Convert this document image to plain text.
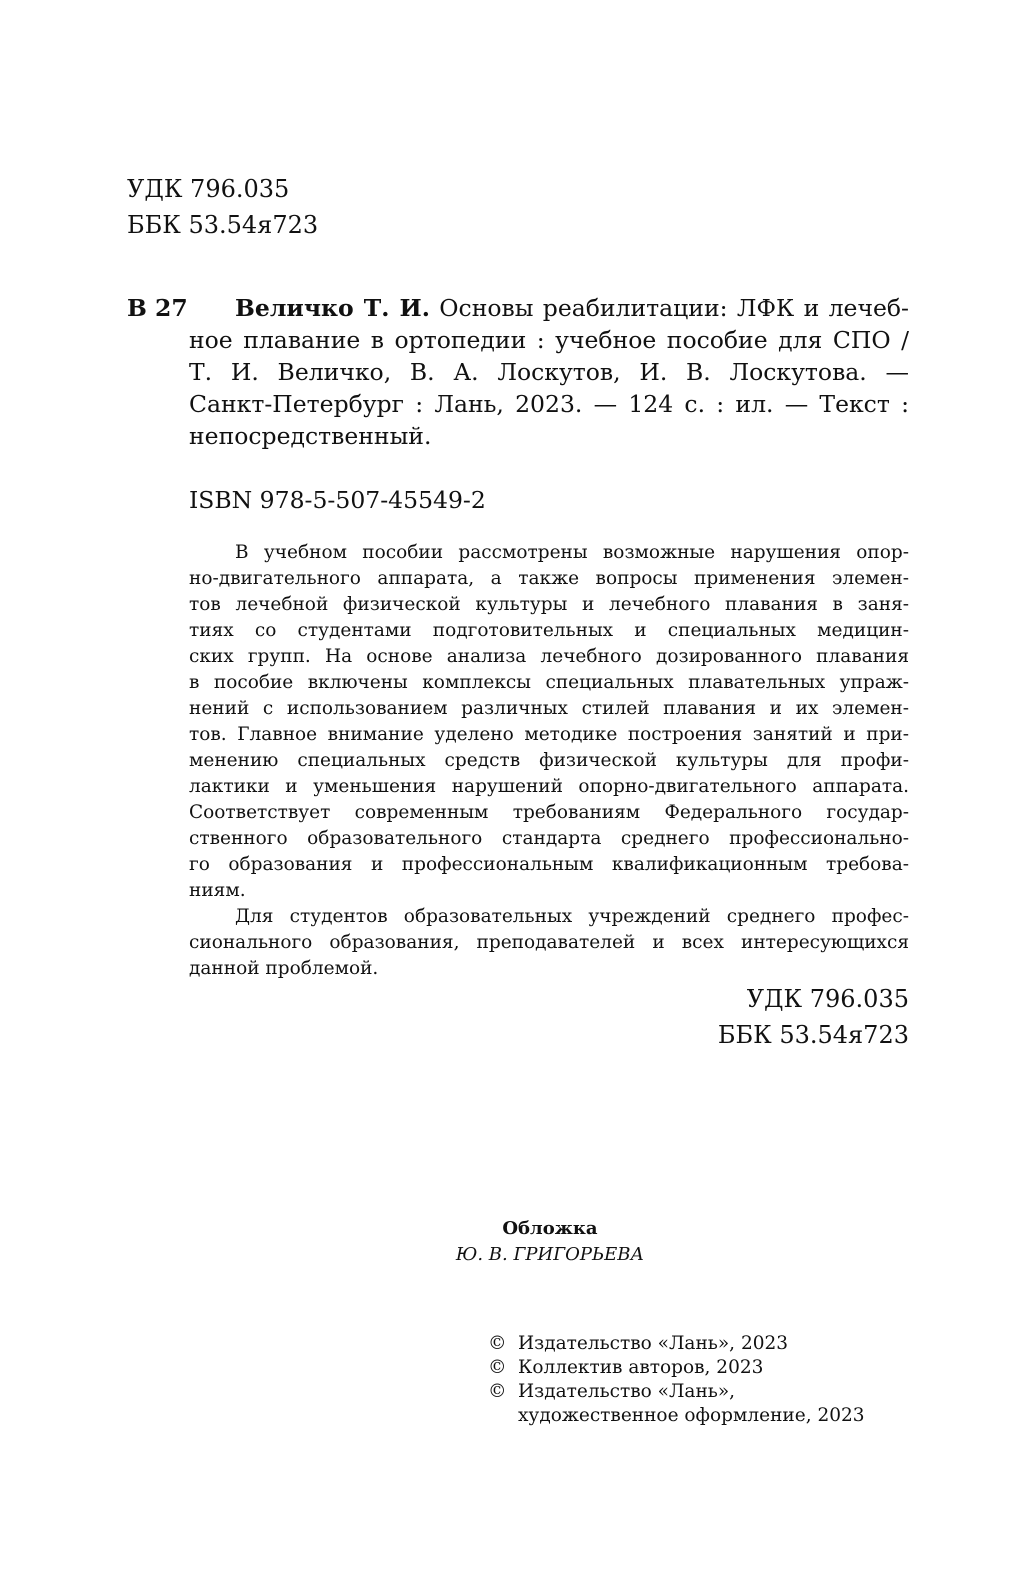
УДК 796.035
ББК 53.54я723
В 27	Величко Т. И. Основы реабилитации: ЛФК и лечеб-
ное плавание в ортопедии : учебное пособие для СПО /
Т. И. Величко, В. А. Лоскутов, И. В. Лоскутова. —
Санкт-Петербург : Лань, 2023. — 124 с. : ил. — Текст :
непосредственный.
ISBN 978-5-507-45549-2
В учебном пособии рассмотрены возможные нарушения опор-
но-двигательного аппарата, а также вопросы применения элемен-
тов лечебной физической культуры и лечебного плавания в заня-
тиях со студентами подготовительных и специальных медицин-
ских групп. На основе анализа лечебного дозированного плавания
в пособие включены комплексы специальных плавательных упраж-
нений с использованием различных стилей плавания и их элемен-
тов. Главное внимание уделено методике построения занятий и при-
менению специальных средств физической культуры для профи-
лактики и уменьшения нарушений опорно-двигательного аппарата.
Соответствует современным требованиям Федерального государ-
ственного образовательного стандарта среднего профессионально-
го образования и профессиональным квалификационным требова-
ниям.
Для студентов образовательных учреждений среднего профес-
сионального образования, преподавателей и всех интересующихся
данной проблемой.
УДК 796.035
ББК 53.54я723
Обложка
Ю. В. ГРИГОРЬЕВА
© Издательство «Лань», 2023
© Коллектив авторов, 2023
© Издательство «Лань»,
художественное оформление, 2023
